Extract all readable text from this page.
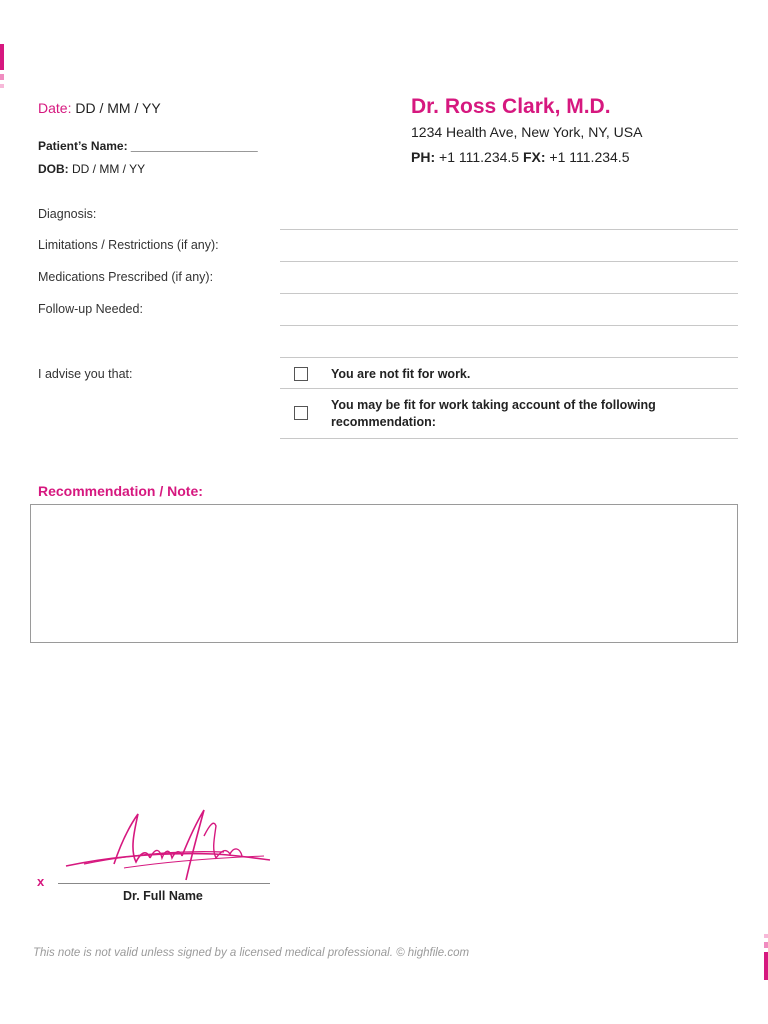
Date: DD / MM / YY
Patient’s Name: ___________________
DOB: DD / MM / YY
Dr. Ross Clark, M.D.
1234 Health Ave, New York, NY, USA
PH: +1 111.234.5 FX: +1 111.234.5
Diagnosis:
Limitations / Restrictions (if any):
Medications Prescribed (if any):
Follow-up Needed:
I advise you that:	You are not fit for work.
You may be fit for work taking account of the following
recommendation:
Recommendation / Note:
x
Dr. Full Name
This note is not valid unless signed by a licensed medical professional. © highfile.com
